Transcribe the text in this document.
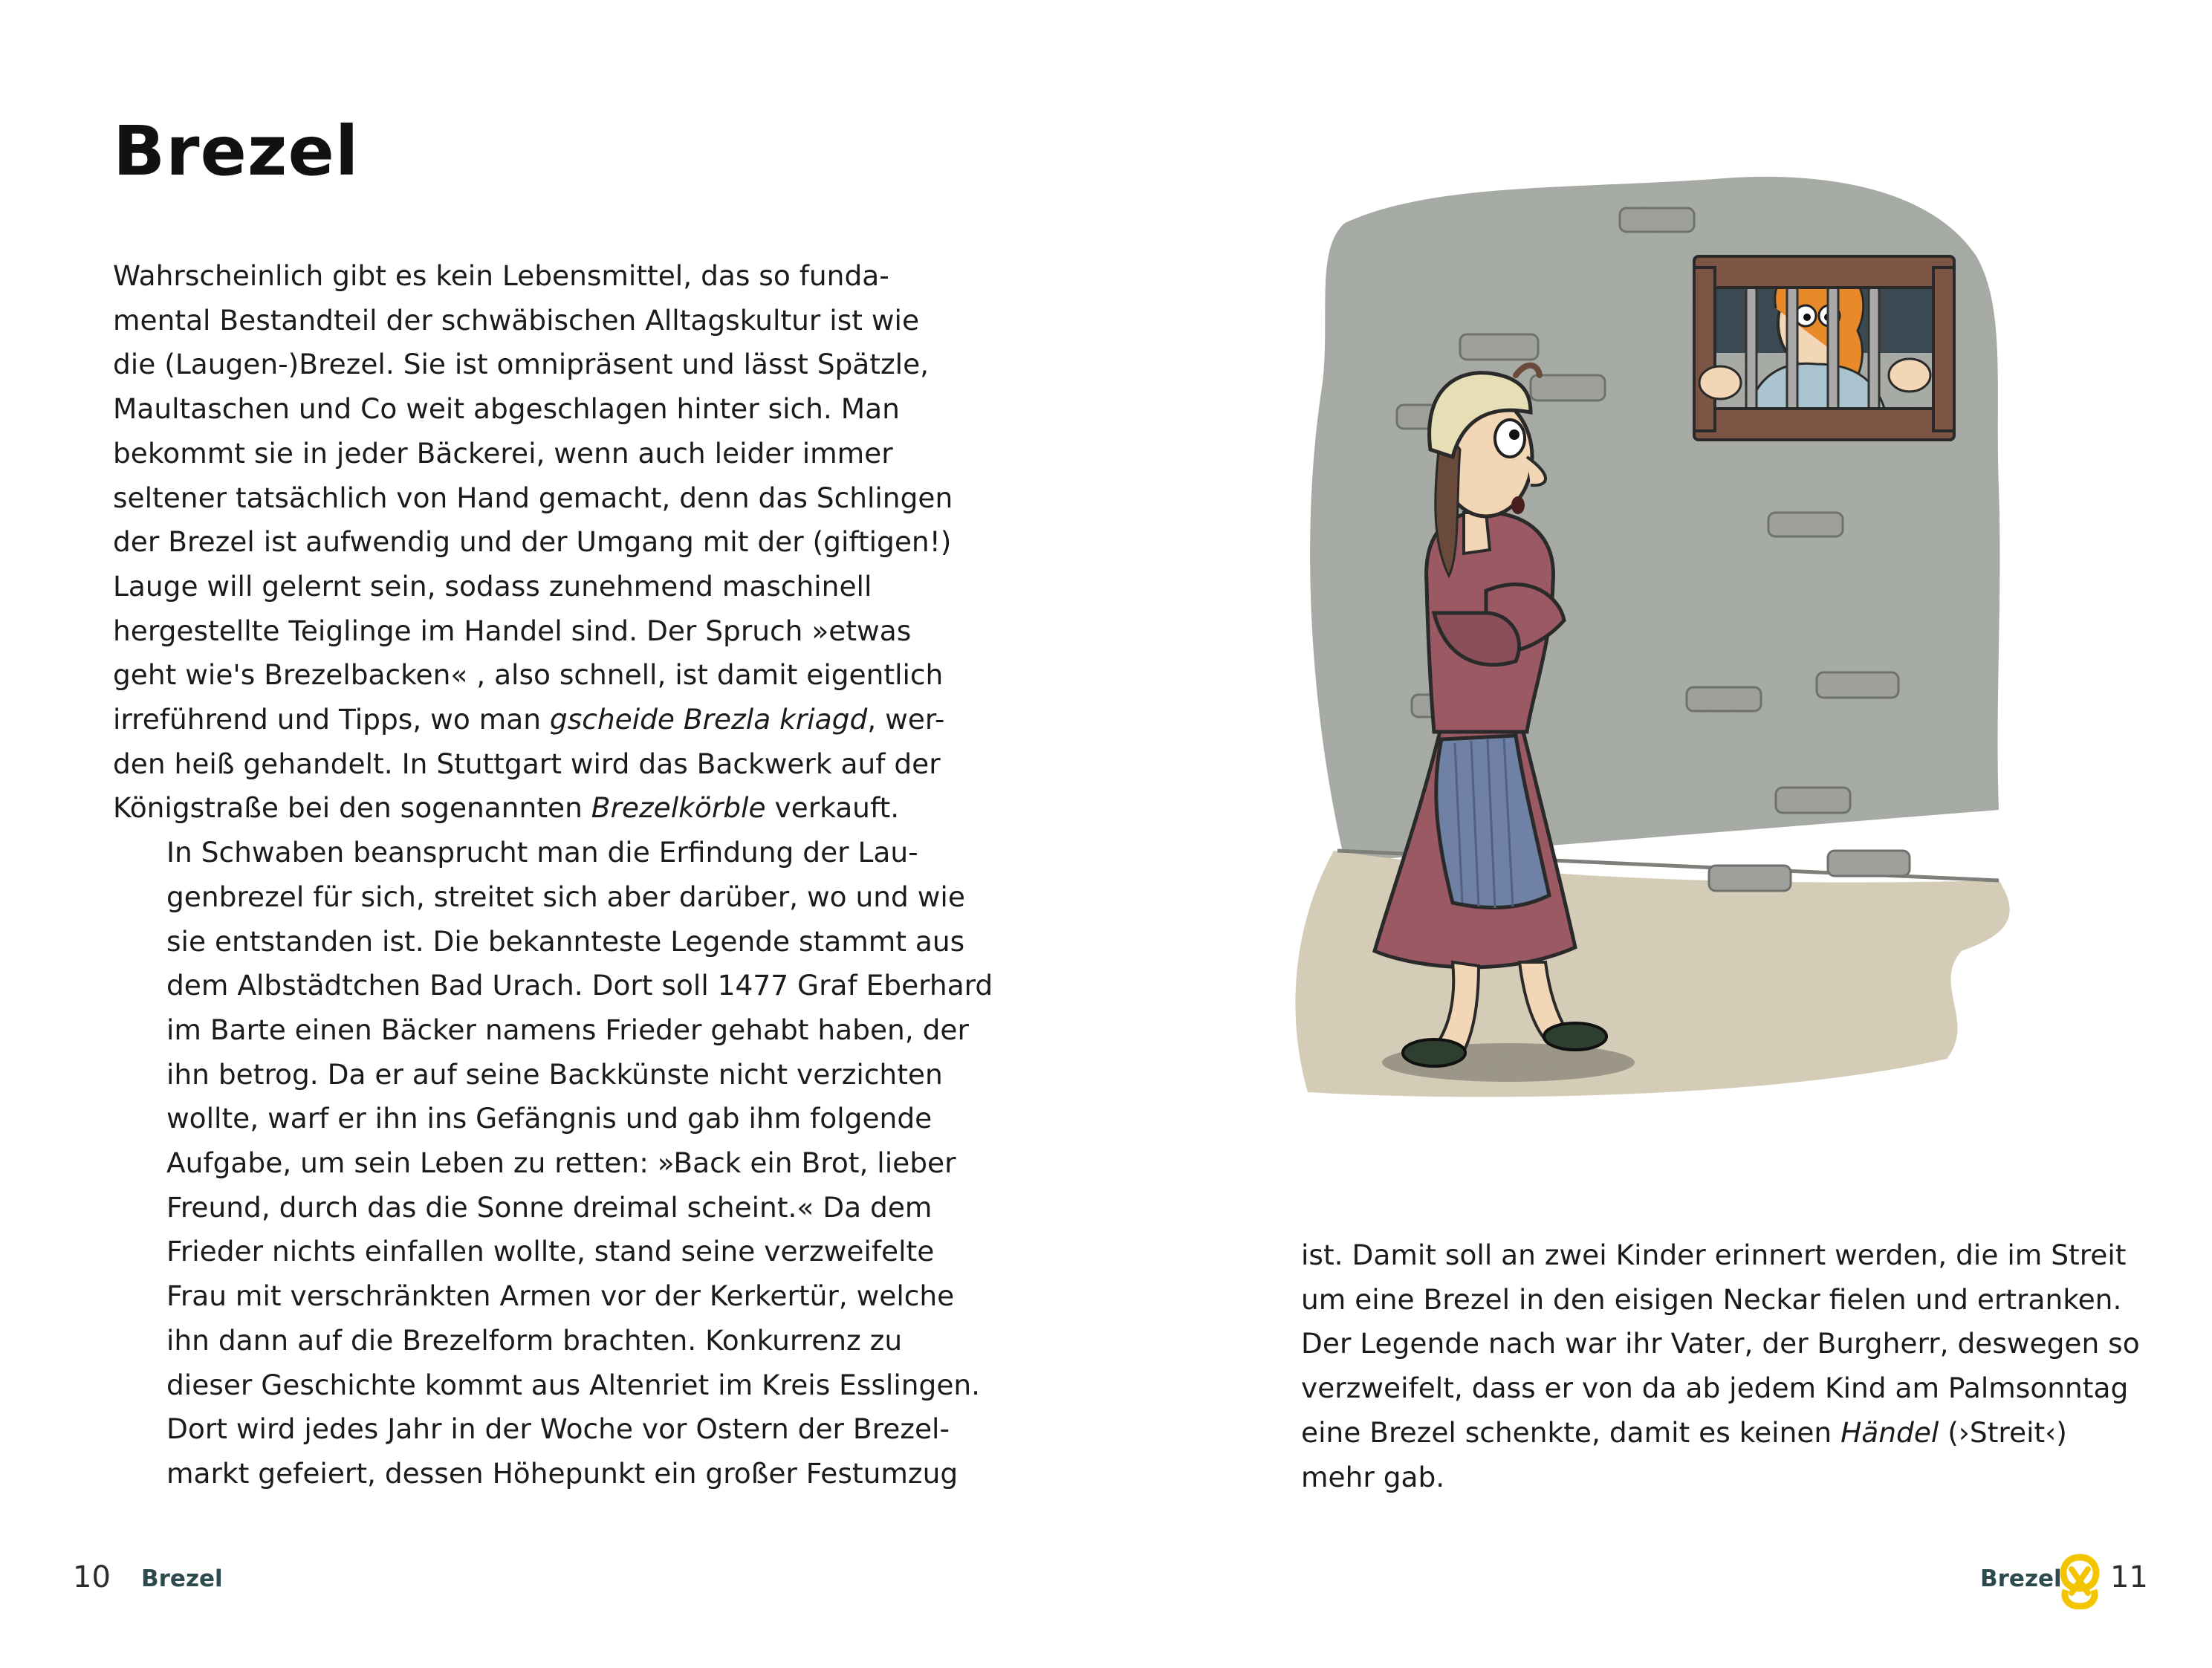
Brezel

Wahrscheinlich gibt es kein Lebensmittel, das so funda-
mental Bestandteil der schwäbischen Alltagskultur ist wie
die (Laugen-)Brezel. Sie ist omnipräsent und lässt Spätzle,
Maultaschen und Co weit abgeschlagen hinter sich. Man
bekommt sie in jeder Bäckerei, wenn auch leider immer
seltener tatsächlich von Hand gemacht, denn das Schlingen
der Brezel ist aufwendig und der Umgang mit der (giftigen!)
Lauge will gelernt sein, sodass zunehmend maschinell
hergestellte Teiglinge im Handel sind. Der Spruch »etwas
geht wie's Brezelbacken« , also schnell, ist damit eigentlich
irreführend und Tipps, wo man gscheide Brezla kriagd, wer-
den heiß gehandelt. In Stuttgart wird das Backwerk auf der
Königstraße bei den sogenannten Brezelkörble verkauft.

In Schwaben beansprucht man die Erfindung der Lau-
genbrezel für sich, streitet sich aber darüber, wo und wie
sie entstanden ist. Die bekannteste Legende stammt aus
dem Albstädtchen Bad Urach. Dort soll 1477 Graf Eberhard
im Barte einen Bäcker namens Frieder gehabt haben, der
ihn betrog. Da er auf seine Backkünste nicht verzichten
wollte, warf er ihn ins Gefängnis und gab ihm folgende
Aufgabe, um sein Leben zu retten: »Back ein Brot, lieber
Freund, durch das die Sonne dreimal scheint.« Da dem
Frieder nichts einfallen wollte, stand seine verzweifelte
Frau mit verschränkten Armen vor der Kerkertür, welche
ihn dann auf die Brezelform brachten. Konkurrenz zu
dieser Geschichte kommt aus Altenriet im Kreis Esslingen.
Dort wird jedes Jahr in der Woche vor Ostern der Brezel-
markt gefeiert, dessen Höhepunkt ein großer Festumzug

10 Brezel

ist. Damit soll an zwei Kinder erinnert werden, die im Streit
um eine Brezel in den eisigen Neckar fielen und ertranken.
Der Legende nach war ihr Vater, der Burgherr, deswegen so
verzweifelt, dass er von da ab jedem Kind am Palmsonntag
eine Brezel schenkte, damit es keinen Händel (›Streit‹)
mehr gab.

Brezel 11
